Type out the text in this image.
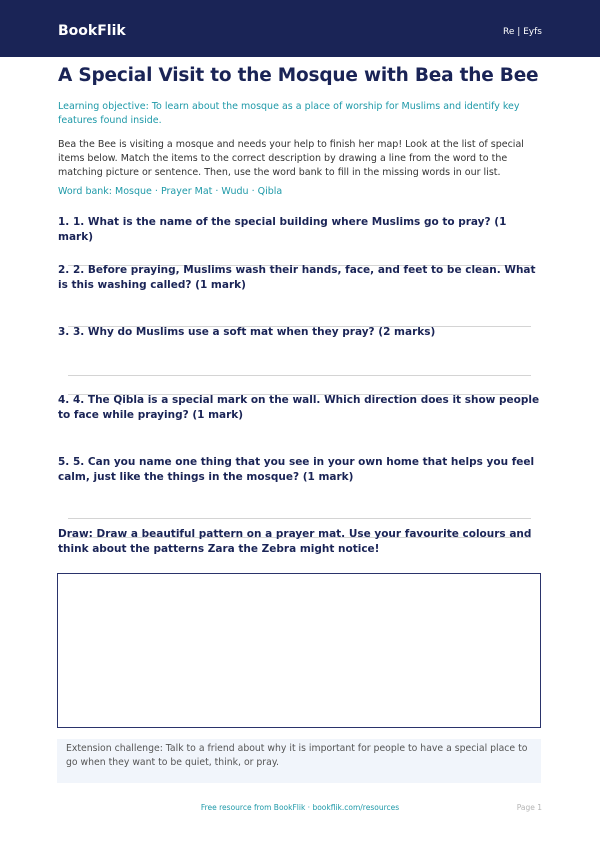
BookFlik	Re | Eyfs
A Special Visit to the Mosque with Bea the Bee
Learning objective: To learn about the mosque as a place of worship for Muslims and identify key features found inside.
Bea the Bee is visiting a mosque and needs your help to finish her map! Look at the list of special items below. Match the items to the correct description by drawing a line from the word to the matching picture or sentence. Then, use the word bank to fill in the missing words in our list.
Word bank: Mosque · Prayer Mat · Wudu · Qibla
1. 1. What is the name of the special building where Muslims go to pray? (1 mark)
2. 2. Before praying, Muslims wash their hands, face, and feet to be clean. What is this washing called? (1 mark)
3. 3. Why do Muslims use a soft mat when they pray? (2 marks)
4. 4. The Qibla is a special mark on the wall. Which direction does it show people to face while praying? (1 mark)
5. 5. Can you name one thing that you see in your own home that helps you feel calm, just like the things in the mosque? (1 mark)
Draw: Draw a beautiful pattern on a prayer mat. Use your favourite colours and think about the patterns Zara the Zebra might notice!
Extension challenge: Talk to a friend about why it is important for people to have a special place to go when they want to be quiet, think, or pray.
Free resource from BookFlik · bookflik.com/resources	Page 1
